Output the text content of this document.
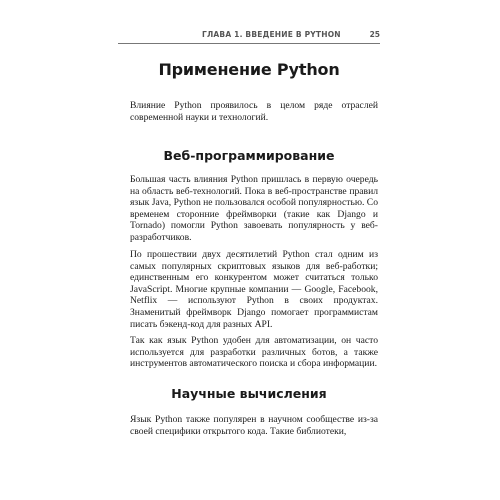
ГЛАВА 1. ВВЕДЕНИЕ В PYTHON	25
Применение Python

Влияние Python проявилось в целом ряде отраслей современной науки и технологий.

Веб-программирование

Большая часть влияния Python пришлась в первую очередь на область веб-технологий. Пока в веб-пространстве правил язык Java, Python не пользовался особой популярностью. Со временем сторонние фреймворки (такие как Django и Tornado) помогли Python завоевать популярность у веб-разработчиков.

По прошествии двух десятилетий Python стал одним из самых популярных скриптовых языков для веб-работки; единственным его конкурентом может считаться только JavaScript. Многие крупные компании — Google, Facebook, Netflix — используют Python в своих продуктах. Знаменитый фреймворк Django помогает программистам писать бэкенд-код для разных API.

Так как язык Python удобен для автоматизации, он часто используется для разработки различных ботов, а также инструментов автоматического поиска и сбора информации.

Научные вычисления

Язык Python также популярен в научном сообществе из-за своей специфики открытого кода. Такие библиотеки,
